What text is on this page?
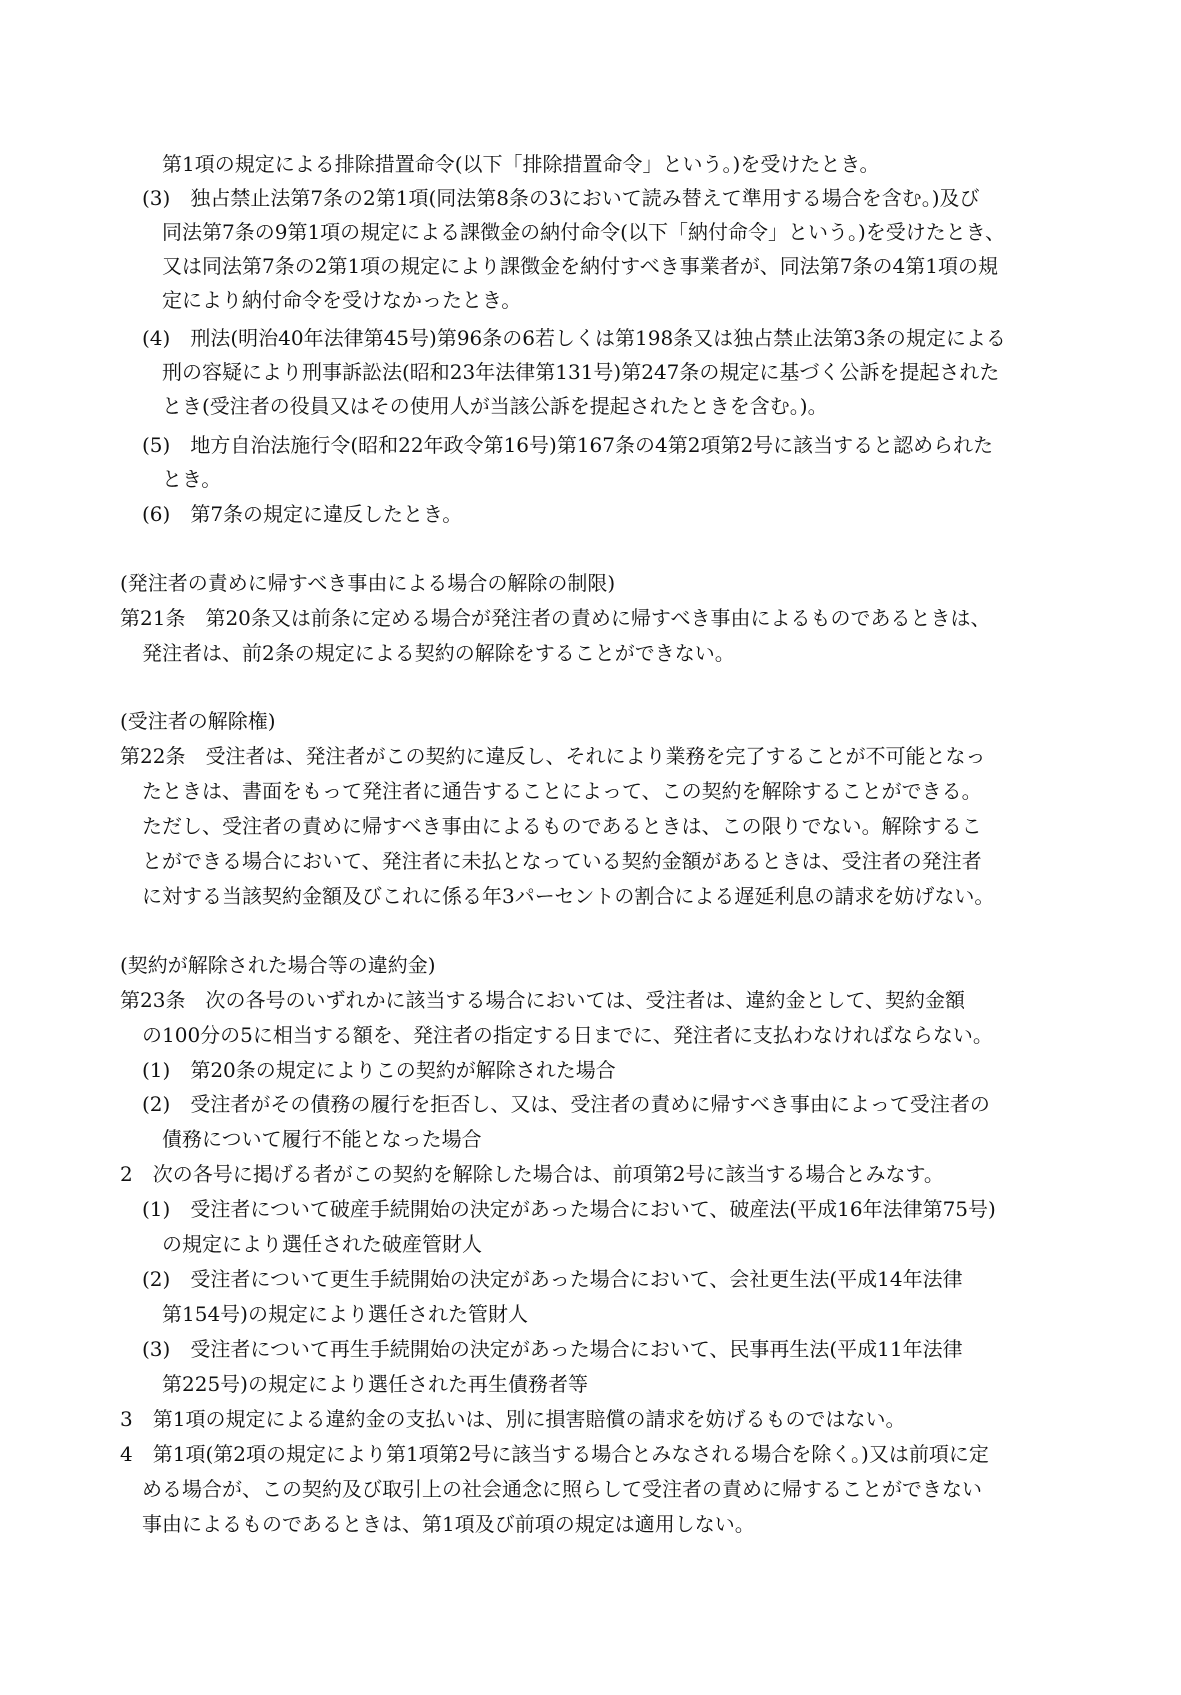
第1項の規定による排除措置命令(以下「排除措置命令」という。)を受けたとき。
(3)　独占禁止法第7条の2第1項(同法第8条の3において読み替えて準用する場合を含む。)及び
同法第7条の9第1項の規定による課徴金の納付命令(以下「納付命令」という。)を受けたとき、
又は同法第7条の2第1項の規定により課徴金を納付すべき事業者が、同法第7条の4第1項の規
定により納付命令を受けなかったとき。
(4)　刑法(明治40年法律第45号)第96条の6若しくは第198条又は独占禁止法第3条の規定による
刑の容疑により刑事訴訟法(昭和23年法律第131号)第247条の規定に基づく公訴を提起された
とき(受注者の役員又はその使用人が当該公訴を提起されたときを含む。)。
(5)　地方自治法施行令(昭和22年政令第16号)第167条の4第2項第2号に該当すると認められた
とき。
(6)　第7条の規定に違反したとき。
(発注者の責めに帰すべき事由による場合の解除の制限)
第21条　第20条又は前条に定める場合が発注者の責めに帰すべき事由によるものであるときは、
発注者は、前2条の規定による契約の解除をすることができない。
(受注者の解除権)
第22条　受注者は、発注者がこの契約に違反し、それにより業務を完了することが不可能となっ
たときは、書面をもって発注者に通告することによって、この契約を解除することができる。
ただし、受注者の責めに帰すべき事由によるものであるときは、この限りでない。解除するこ
とができる場合において、発注者に未払となっている契約金額があるときは、受注者の発注者
に対する当該契約金額及びこれに係る年3パーセントの割合による遅延利息の請求を妨げない。
(契約が解除された場合等の違約金)
第23条　次の各号のいずれかに該当する場合においては、受注者は、違約金として、契約金額
の100分の5に相当する額を、発注者の指定する日までに、発注者に支払わなければならない。
(1)　第20条の規定によりこの契約が解除された場合
(2)　受注者がその債務の履行を拒否し、又は、受注者の責めに帰すべき事由によって受注者の
債務について履行不能となった場合
2　次の各号に掲げる者がこの契約を解除した場合は、前項第2号に該当する場合とみなす。
(1)　受注者について破産手続開始の決定があった場合において、破産法(平成16年法律第75号)
の規定により選任された破産管財人
(2)　受注者について更生手続開始の決定があった場合において、会社更生法(平成14年法律
第154号)の規定により選任された管財人
(3)　受注者について再生手続開始の決定があった場合において、民事再生法(平成11年法律
第225号)の規定により選任された再生債務者等
3　第1項の規定による違約金の支払いは、別に損害賠償の請求を妨げるものではない。
4　第1項(第2項の規定により第1項第2号に該当する場合とみなされる場合を除く。)又は前項に定
める場合が、この契約及び取引上の社会通念に照らして受注者の責めに帰することができない
事由によるものであるときは、第1項及び前項の規定は適用しない。
